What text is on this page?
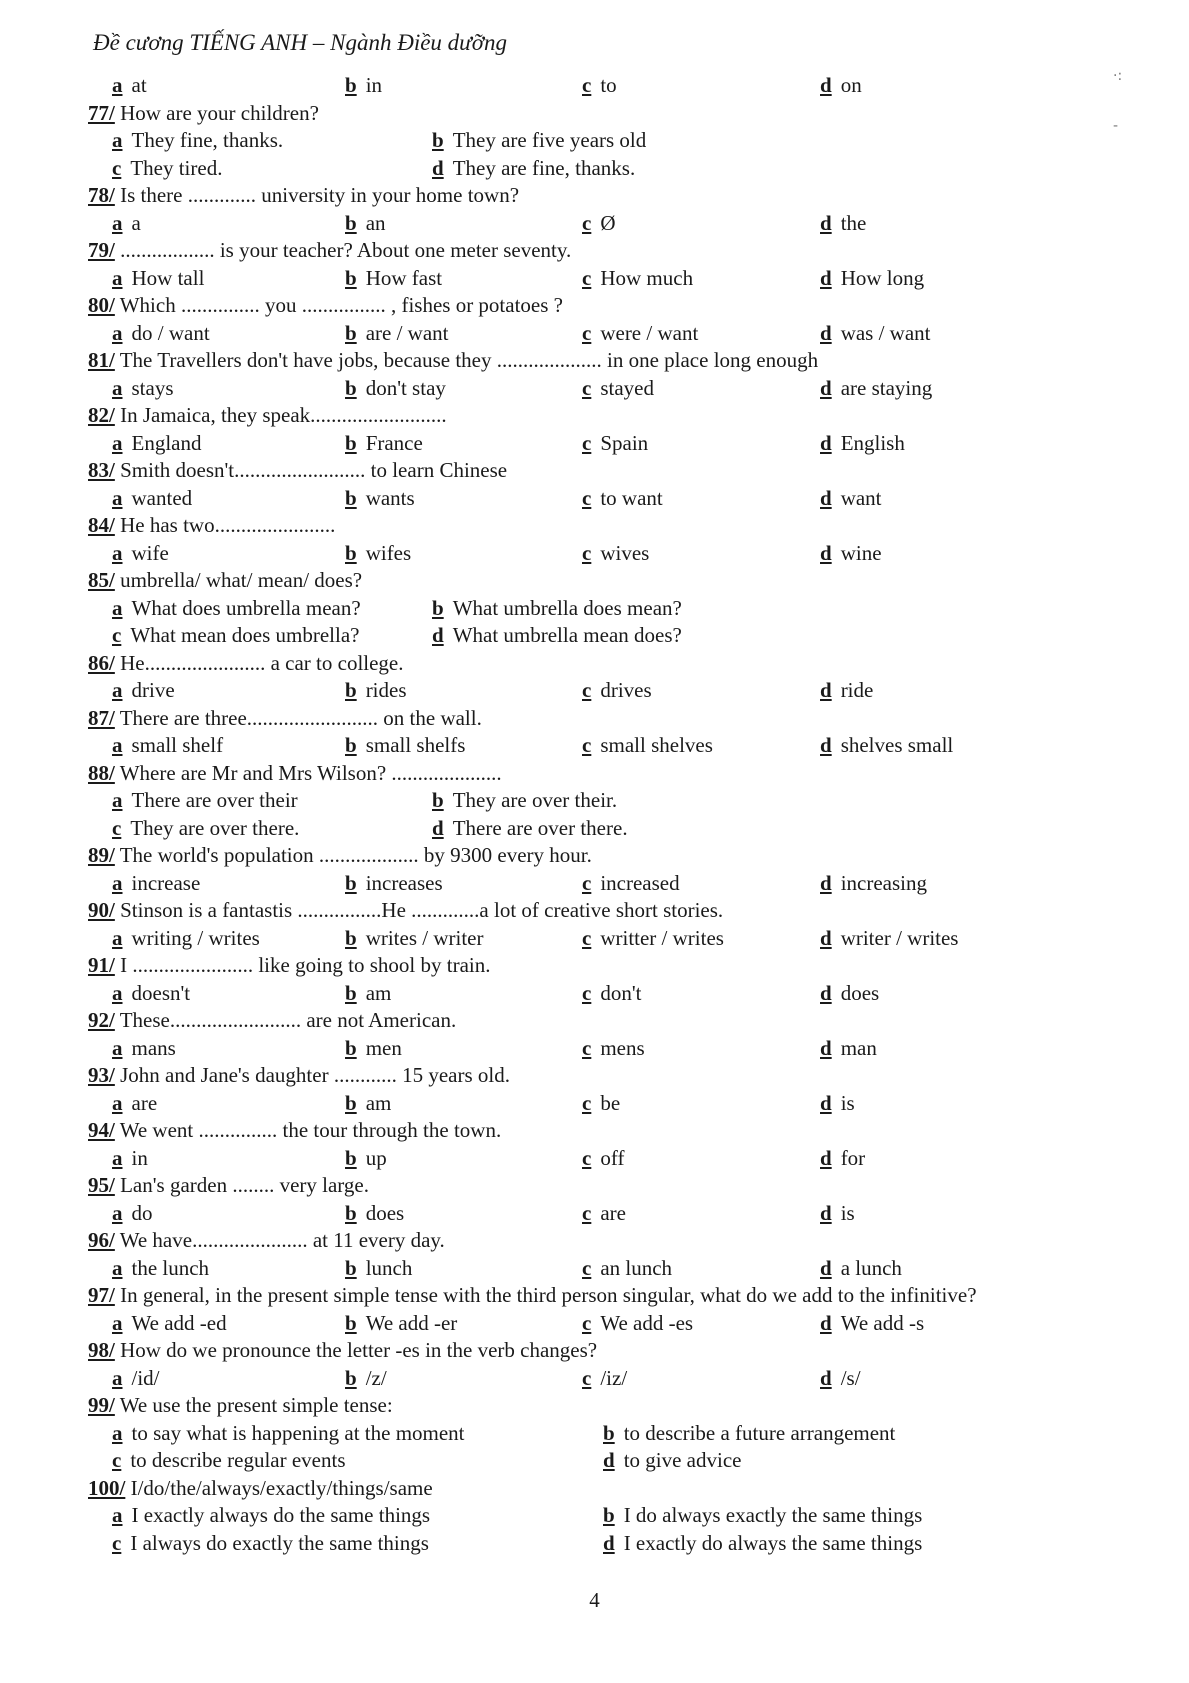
Đề cương TIẾNG ANH – Ngành Điều dưỡng
a at	b in	c to	d on
77/ How are your children?
a They fine, thanks.	b They are five years old
c They tired.	d They are fine, thanks.
78/ Is there ............. university in your home town?
a a	b an	c Ø	d the
79/ .................. is your teacher? About one meter seventy.
a How tall	b How fast	c How much	d How long
80/ Which ............... you ................ , fishes or potatoes ?
a do / want	b are / want	c were / want	d was / want
81/ The Travellers don't have jobs, because they .................... in one place long enough
a stays	b don't stay	c stayed	d are staying
82/ In Jamaica, they speak..........................
a England	b France	c Spain	d English
83/ Smith doesn't......................... to learn Chinese
a wanted	b wants	c to want	d want
84/ He has two.......................
a wife	b wifes	c wives	d wine
85/ umbrella/ what/ mean/ does?
a What does umbrella mean?	b What umbrella does mean?
c What mean does umbrella?	d What umbrella mean does?
86/ He....................... a car to college.
a drive	b rides	c drives	d ride
87/ There are three......................... on the wall.
a small shelf	b small shelfs	c small shelves	d shelves small
88/ Where are Mr and Mrs Wilson? .....................
a There are over their	b They are over their.
c They are over there.	d There are over there.
89/ The world's population ................... by 9300 every hour.
a increase	b increases	c increased	d increasing
90/ Stinson is a fantastis ................He .............a lot of creative short stories.
a writing / writes	b writes / writer	c writter / writes	d writer / writes
91/ I ....................... like going to shool by train.
a doesn't	b am	c don't	d does
92/ These......................... are not American.
a mans	b men	c mens	d man
93/ John and Jane's daughter ............ 15 years old.
a are	b am	c be	d is
94/ We went ............... the tour through the town.
a in	b up	c off	d for
95/ Lan's garden ........ very large.
a do	b does	c are	d is
96/ We have...................... at 11 every day.
a the lunch	b lunch	c an lunch	d a lunch
97/ In general, in the present simple tense with the third person singular, what do we add to the infinitive?
a We add -ed	b We add -er	c We add -es	d We add -s
98/ How do we pronounce the letter -es in the verb changes?
a /id/	b /z/	c /iz/	d /s/
99/ We use the present simple tense:
a to say what is happening at the moment	b to describe a future arrangement
c to describe regular events	d to give advice
100/ I/do/the/always/exactly/things/same
a I exactly always do the same things	b I do always exactly the same things
c I always do exactly the same things	d I exactly do always the same things
4
·:
-
